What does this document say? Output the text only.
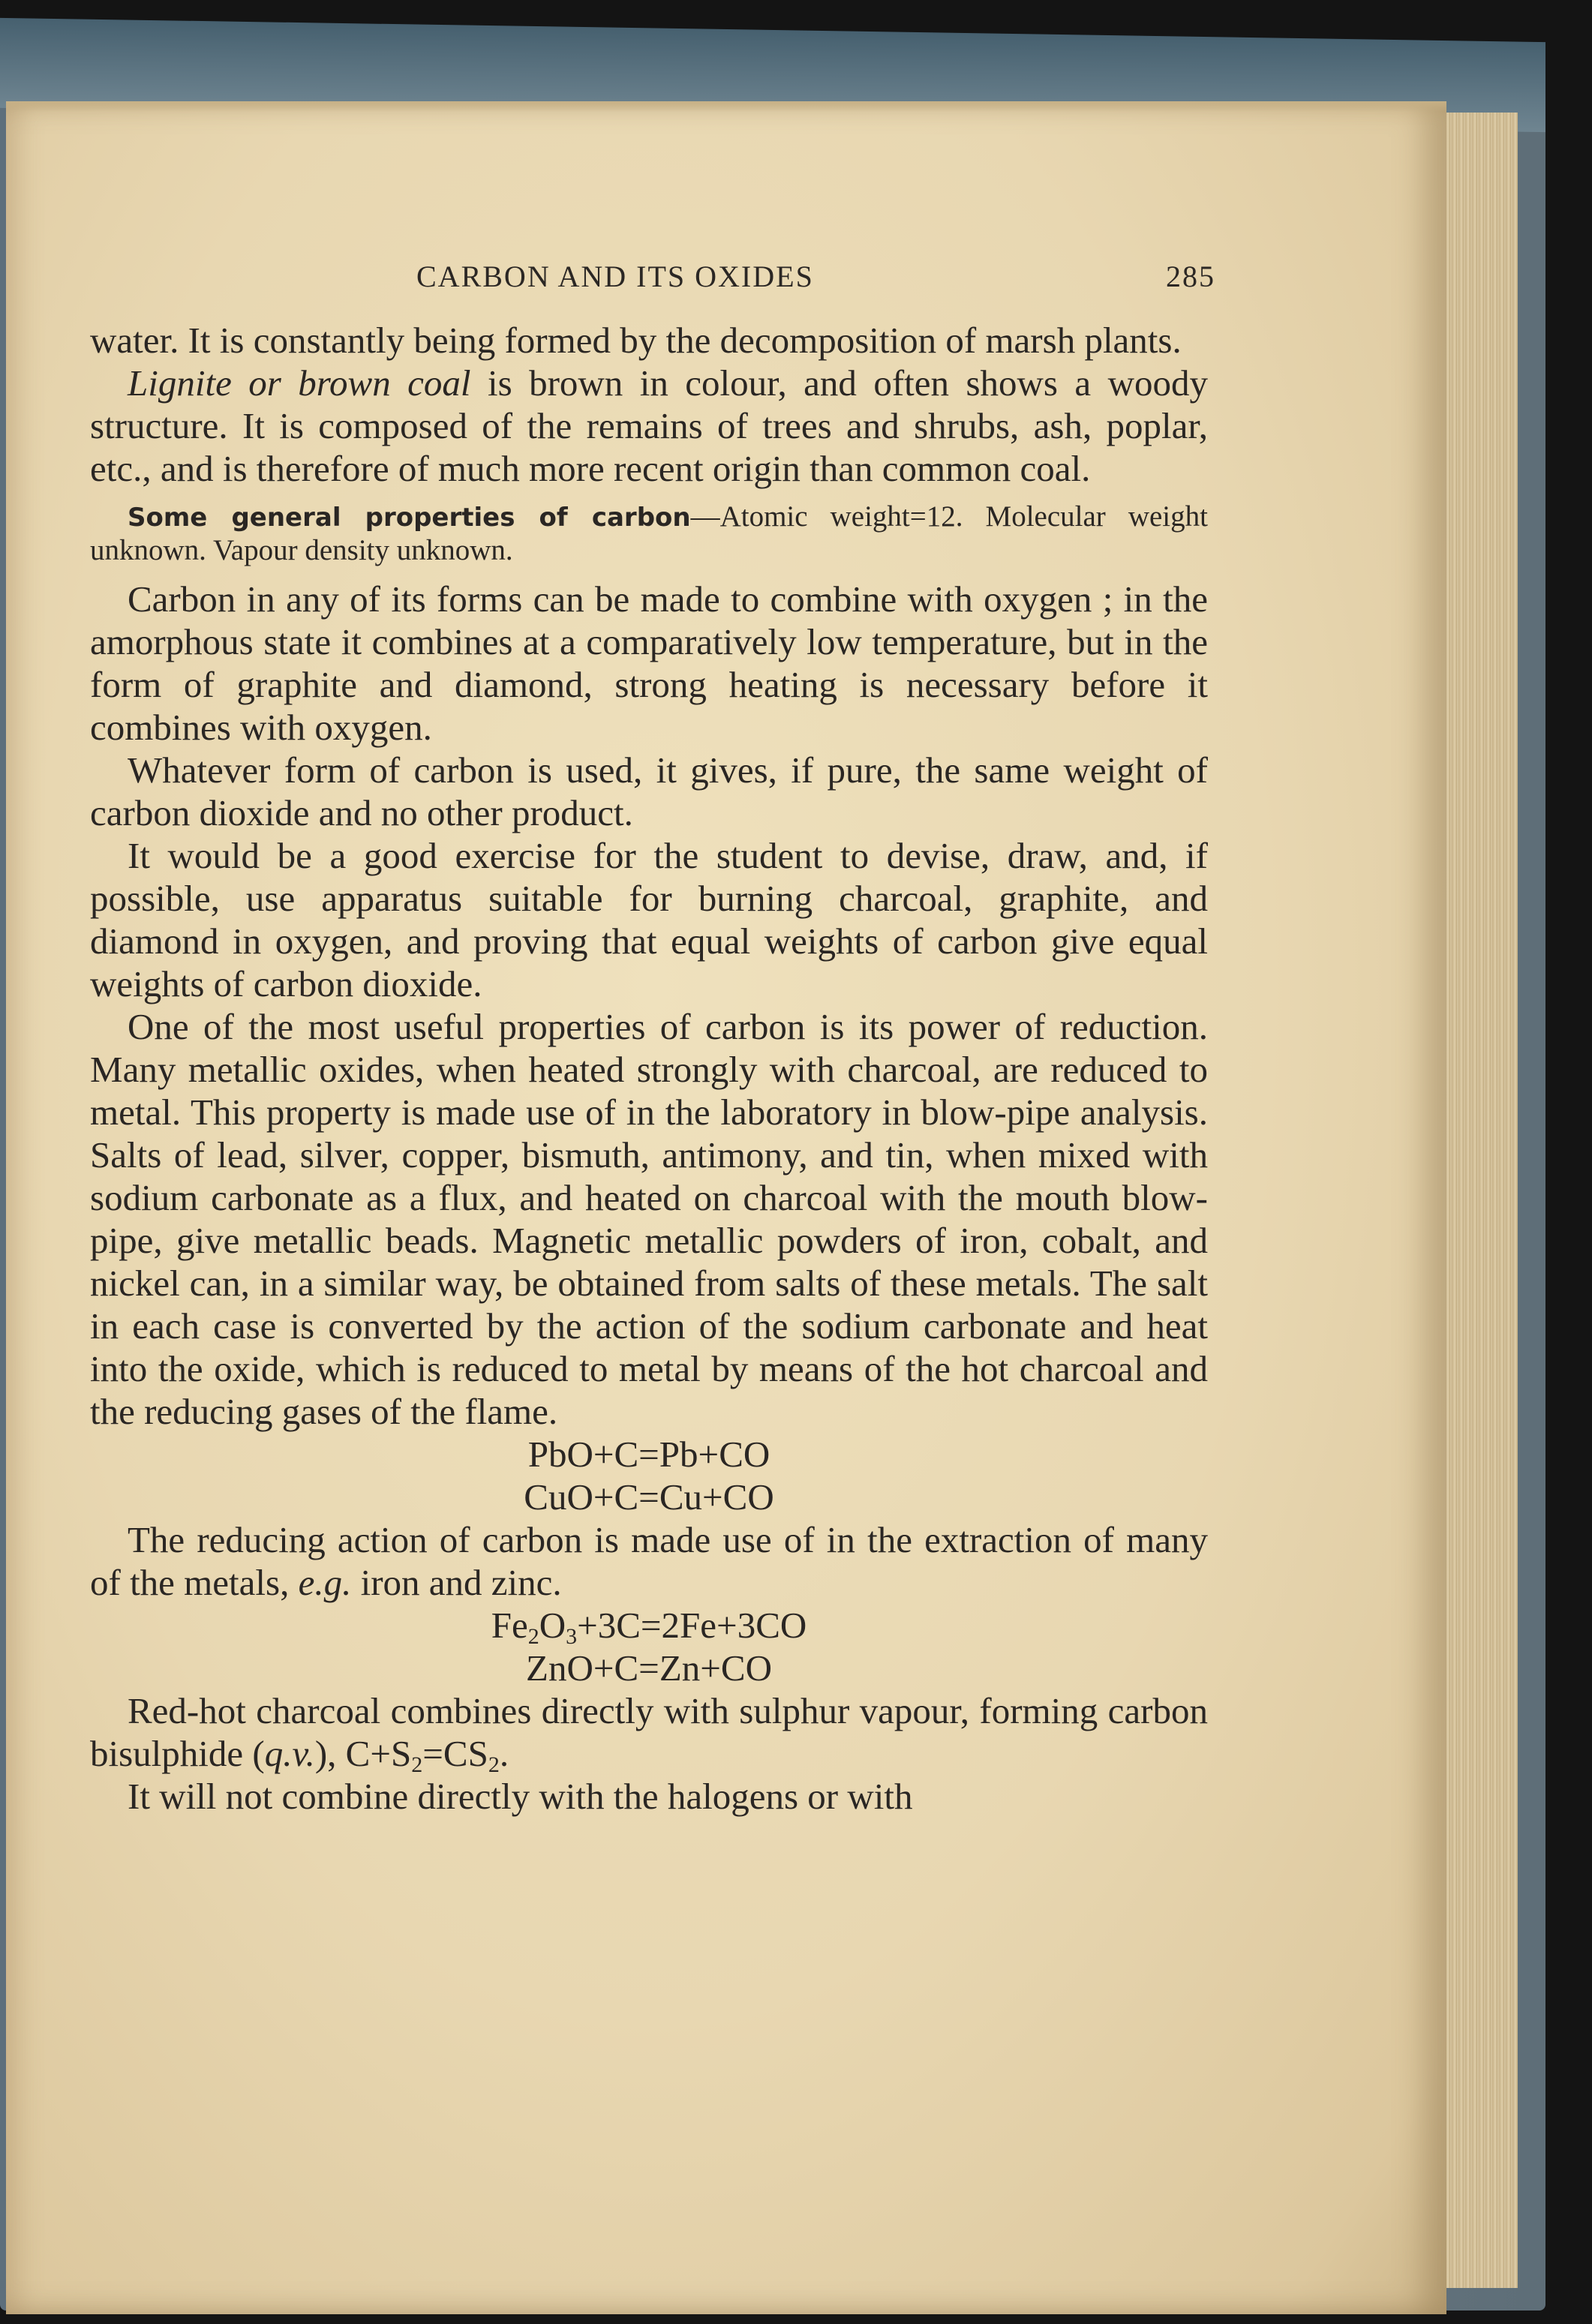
CARBON AND ITS OXIDES	285

water. It is constantly being formed by the decomposition of marsh plants.

Lignite or brown coal is brown in colour, and often shows a woody structure. It is composed of the remains of trees and shrubs, ash, poplar, etc., and is therefore of much more recent origin than common coal.

Some general properties of carbon—Atomic weight=12. Molecular weight unknown. Vapour density unknown.

Carbon in any of its forms can be made to combine with oxygen ; in the amorphous state it combines at a comparatively low temperature, but in the form of graphite and diamond, strong heating is necessary before it combines with oxygen.

Whatever form of carbon is used, it gives, if pure, the same weight of carbon dioxide and no other product.

It would be a good exercise for the student to devise, draw, and, if possible, use apparatus suitable for burning charcoal, graphite, and diamond in oxygen, and proving that equal weights of carbon give equal weights of carbon dioxide.

One of the most useful properties of carbon is its power of reduction. Many metallic oxides, when heated strongly with charcoal, are reduced to metal. This property is made use of in the laboratory in blow-pipe analysis. Salts of lead, silver, copper, bismuth, antimony, and tin, when mixed with sodium carbonate as a flux, and heated on charcoal with the mouth blow-pipe, give metallic beads. Magnetic metallic powders of iron, cobalt, and nickel can, in a similar way, be obtained from salts of these metals. The salt in each case is converted by the action of the sodium carbonate and heat into the oxide, which is reduced to metal by means of the hot charcoal and the reducing gases of the flame.

PbO+C=Pb+CO

CuO+C=Cu+CO

The reducing action of carbon is made use of in the extraction of many of the metals, e.g. iron and zinc.

$Fe_2O_3+3C=2Fe+3CO$

ZnO+C=Zn+CO

Red-hot charcoal combines directly with sulphur vapour, forming carbon bisulphide (q.v.), $C+S_2=CS_2$.

It will not combine directly with the halogens or with
